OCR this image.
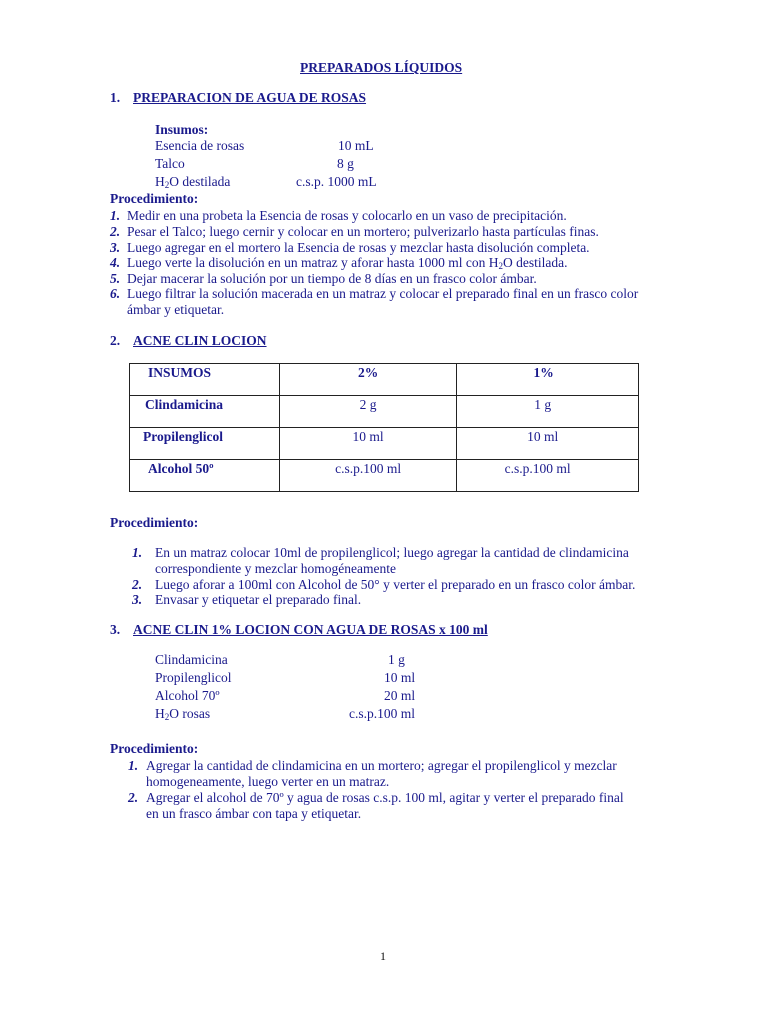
PREPARADOS LÍQUIDOS
1. PREPARACION DE AGUA DE ROSAS
Insumos:
Esencia de rosas	10 mL
Talco	8 g
$H_2O$ destilada	c.s.p. 1000 mL
Procedimiento:
1. Medir en una probeta la Esencia de rosas y colocarlo en un vaso de precipitación.
2. Pesar el Talco; luego cernir y colocar en un mortero; pulverizarlo hasta partículas finas.
3. Luego agregar en el mortero la Esencia de rosas y mezclar hasta disolución completa.
4. Luego verte la disolución en un matraz y aforar hasta 1000 ml con $H_2O$ destilada.
5. Dejar macerar la solución por un tiempo de 8 días en un frasco color ámbar.
6. Luego filtrar la solución macerada en un matraz y colocar el preparado final en un frasco color
ámbar y etiquetar.
2. ACNE CLIN LOCION
INSUMOS	2%	1%
Clindamicina	2 g	1 g
Propilenglicol	10 ml	10 ml
Alcohol 50º	c.s.p.100 ml	c.s.p.100 ml
Procedimiento:
1. En un matraz colocar 10ml de propilenglicol; luego agregar la cantidad de clindamicina
correspondiente y mezclar homogéneamente
2. Luego aforar a 100ml con Alcohol de 50° y verter el preparado en un frasco color ámbar.
3. Envasar y etiquetar el preparado final.
3. ACNE CLIN 1% LOCION CON AGUA DE ROSAS x 100 ml
Clindamicina	1 g
Propilenglicol	10 ml
Alcohol 70º	20 ml
$H_2O$ rosas	c.s.p.100 ml
Procedimiento:
1. Agregar la cantidad de clindamicina en un mortero; agregar el propilenglicol y mezclar
homogeneamente, luego verter en un matraz.
2. Agregar el alcohol de 70º y agua de rosas c.s.p. 100 ml, agitar y verter el preparado final
en un frasco ámbar con tapa y etiquetar.
1
